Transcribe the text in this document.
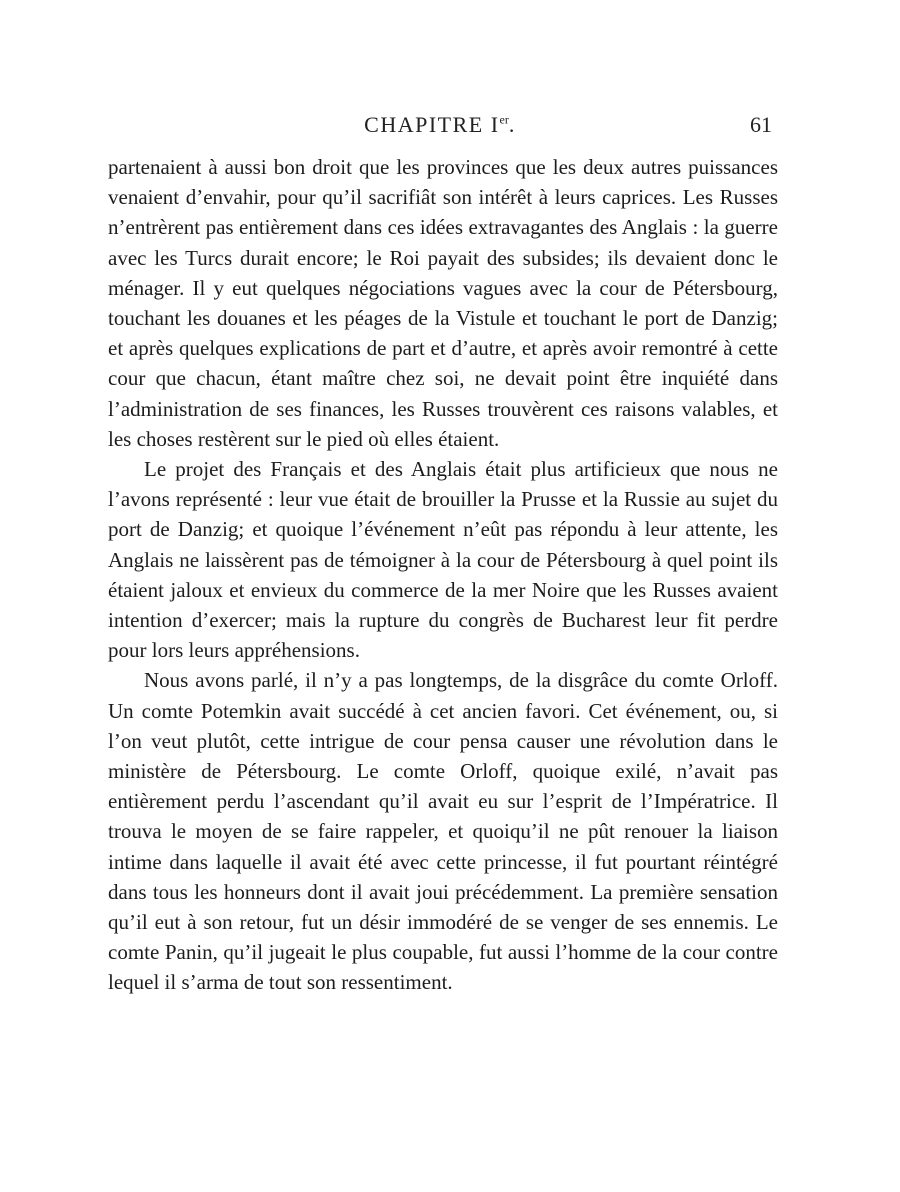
CHAPITRE Ier.	61

partenaient à aussi bon droit que les provinces que les deux autres puissances venaient d’envahir, pour qu’il sacrifiât son intérêt à leurs caprices. Les Russes n’entrèrent pas entièrement dans ces idées extravagantes des Anglais : la guerre avec les Turcs durait encore; le Roi payait des subsides; ils devaient donc le ménager. Il y eut quelques négociations vagues avec la cour de Pétersbourg, touchant les douanes et les péages de la Vistule et touchant le port de Danzig; et après quelques explications de part et d’autre, et après avoir remontré à cette cour que chacun, étant maître chez soi, ne devait point être inquiété dans l’administration de ses finances, les Russes trouvèrent ces raisons valables, et les choses restèrent sur le pied où elles étaient.

Le projet des Français et des Anglais était plus artificieux que nous ne l’avons représenté : leur vue était de brouiller la Prusse et la Russie au sujet du port de Danzig; et quoique l’événement n’eût pas répondu à leur attente, les Anglais ne laissèrent pas de témoigner à la cour de Pétersbourg à quel point ils étaient jaloux et envieux du commerce de la mer Noire que les Russes avaient intention d’exercer; mais la rupture du congrès de Bucharest leur fit perdre pour lors leurs appréhensions.

Nous avons parlé, il n’y a pas longtemps, de la disgrâce du comte Orloff. Un comte Potemkin avait succédé à cet ancien favori. Cet événement, ou, si l’on veut plutôt, cette intrigue de cour pensa causer une révolution dans le ministère de Pétersbourg. Le comte Orloff, quoique exilé, n’avait pas entièrement perdu l’ascendant qu’il avait eu sur l’esprit de l’Impératrice. Il trouva le moyen de se faire rappeler, et quoiqu’il ne pût renouer la liaison intime dans laquelle il avait été avec cette princesse, il fut pourtant réintégré dans tous les honneurs dont il avait joui précédemment. La première sensation qu’il eut à son retour, fut un désir immodéré de se venger de ses ennemis. Le comte Panin, qu’il jugeait le plus coupable, fut aussi l’homme de la cour contre lequel il s’arma de tout son ressentiment.
